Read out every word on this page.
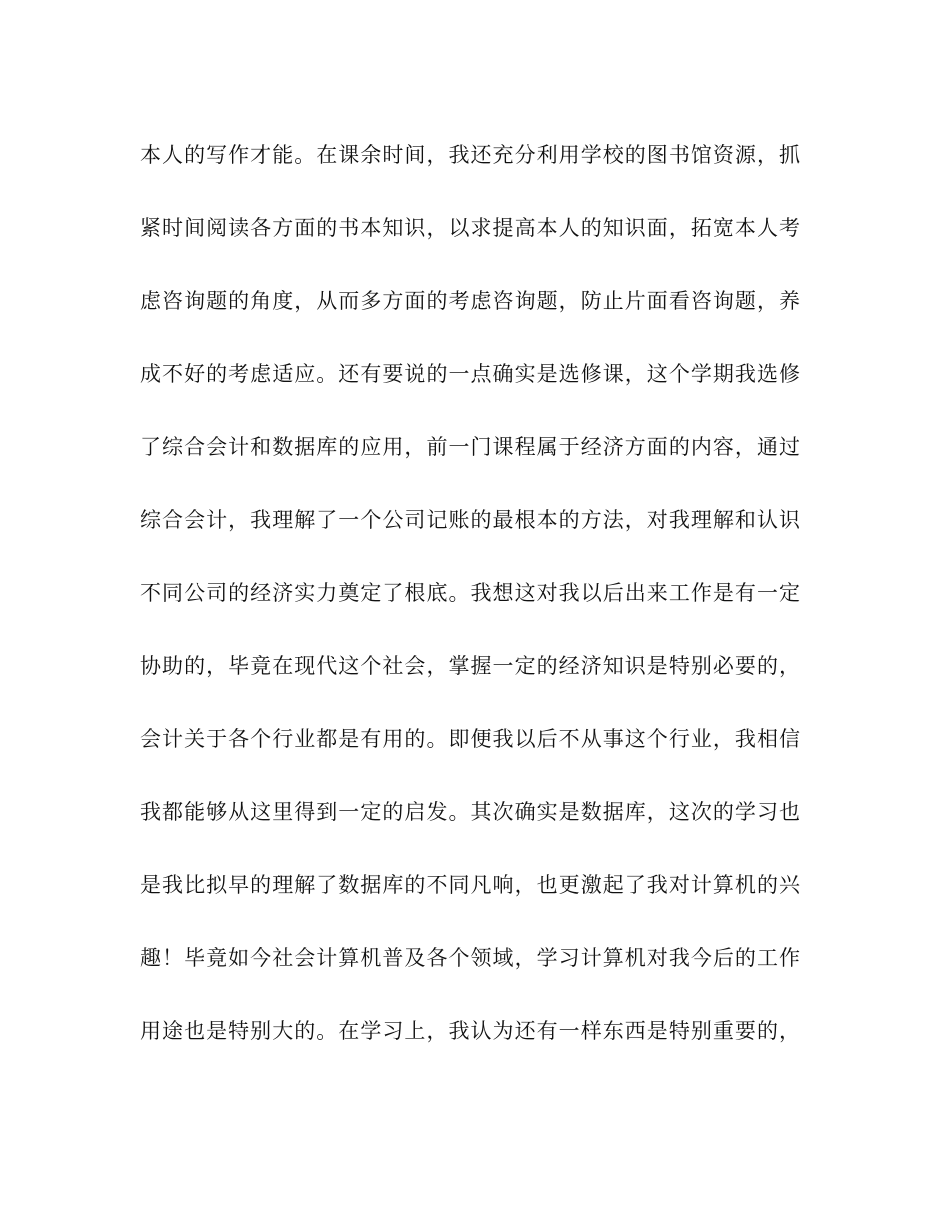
本人的写作才能。在课余时间，我还充分利用学校的图书馆资源，抓
紧时间阅读各方面的书本知识，以求提高本人的知识面，拓宽本人考
虑咨询题的角度，从而多方面的考虑咨询题，防止片面看咨询题，养
成不好的考虑适应。还有要说的一点确实是选修课，这个学期我选修
了综合会计和数据库的应用，前一门课程属于经济方面的内容，通过
综合会计，我理解了一个公司记账的最根本的方法，对我理解和认识
不同公司的经济实力奠定了根底。我想这对我以后出来工作是有一定
协助的，毕竟在现代这个社会，掌握一定的经济知识是特别必要的，
会计关于各个行业都是有用的。即便我以后不从事这个行业，我相信
我都能够从这里得到一定的启发。其次确实是数据库，这次的学习也
是我比拟早的理解了数据库的不同凡响，也更激起了我对计算机的兴
趣！毕竟如今社会计算机普及各个领域，学习计算机对我今后的工作
用途也是特别大的。在学习上，我认为还有一样东西是特别重要的，
